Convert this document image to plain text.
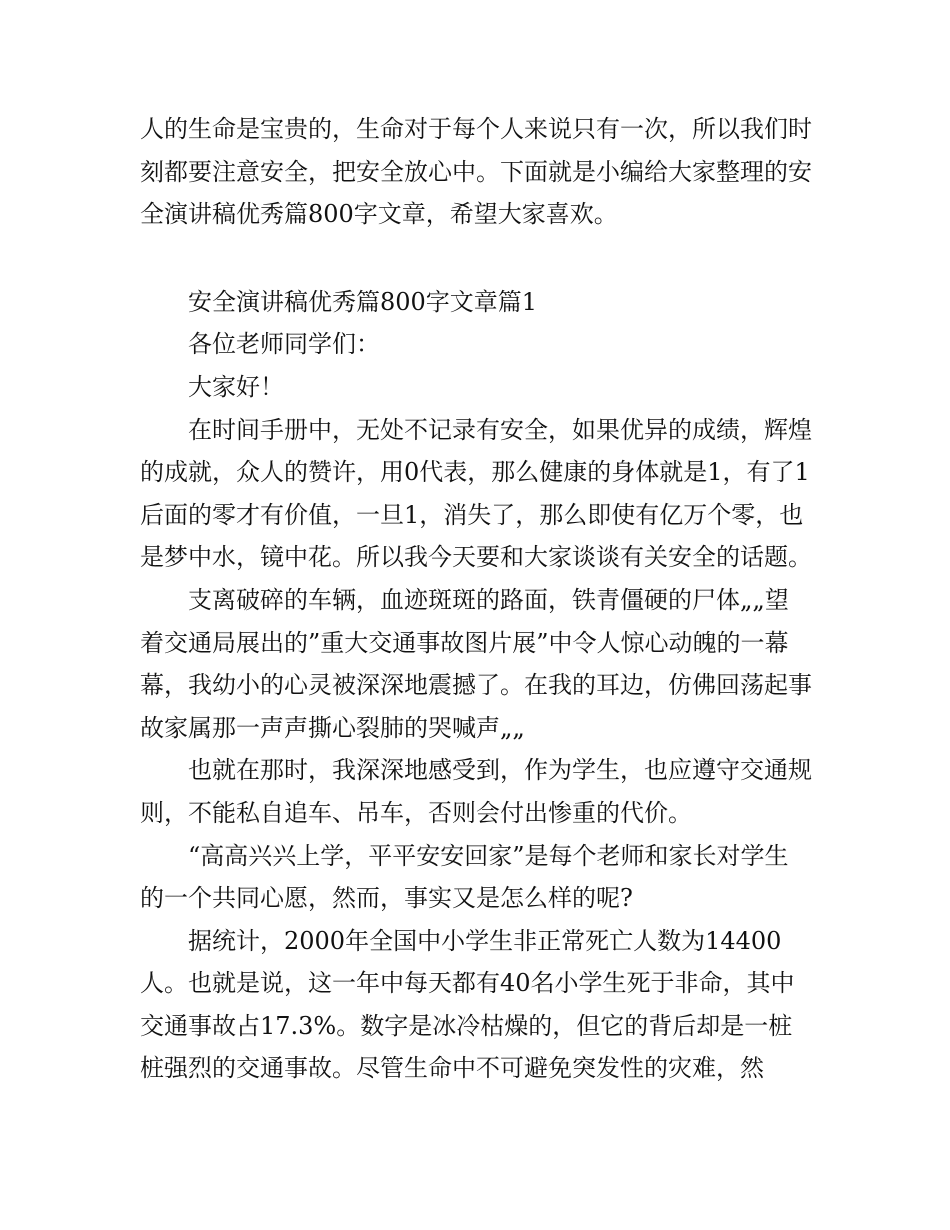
人的生命是宝贵的，生命对于每个人来说只有一次，所以我们时刻都要注意安全，把安全放心中。下面就是小编给大家整理的安全演讲稿优秀篇800字文章，希望大家喜欢。

安全演讲稿优秀篇800字文章篇1

各位老师同学们：

大家好！

在时间手册中，无处不记录有安全，如果优异的成绩，辉煌的成就，众人的赞许，用0代表，那么健康的身体就是1，有了1后面的零才有价值，一旦1，消失了，那么即使有亿万个零，也是梦中水，镜中花。所以我今天要和大家谈谈有关安全的话题。

支离破碎的车辆，血迹斑斑的路面，铁青僵硬的尸体„„望着交通局展出的”重大交通事故图片展”中令人惊心动魄的一幕幕，我幼小的心灵被深深地震撼了。在我的耳边，仿佛回荡起事故家属那一声声撕心裂肺的哭喊声„„

也就在那时，我深深地感受到，作为学生，也应遵守交通规则，不能私自追车、吊车，否则会付出惨重的代价。

“高高兴兴上学，平平安安回家”是每个老师和家长对学生的一个共同心愿，然而，事实又是怎么样的呢?

据统计，2000年全国中小学生非正常死亡人数为14400人。也就是说，这一年中每天都有40名小学生死于非命，其中交通事故占17.3%。数字是冰冷枯燥的，但它的背后却是一桩桩强烈的交通事故。尽管生命中不可避免突发性的灾难，然
